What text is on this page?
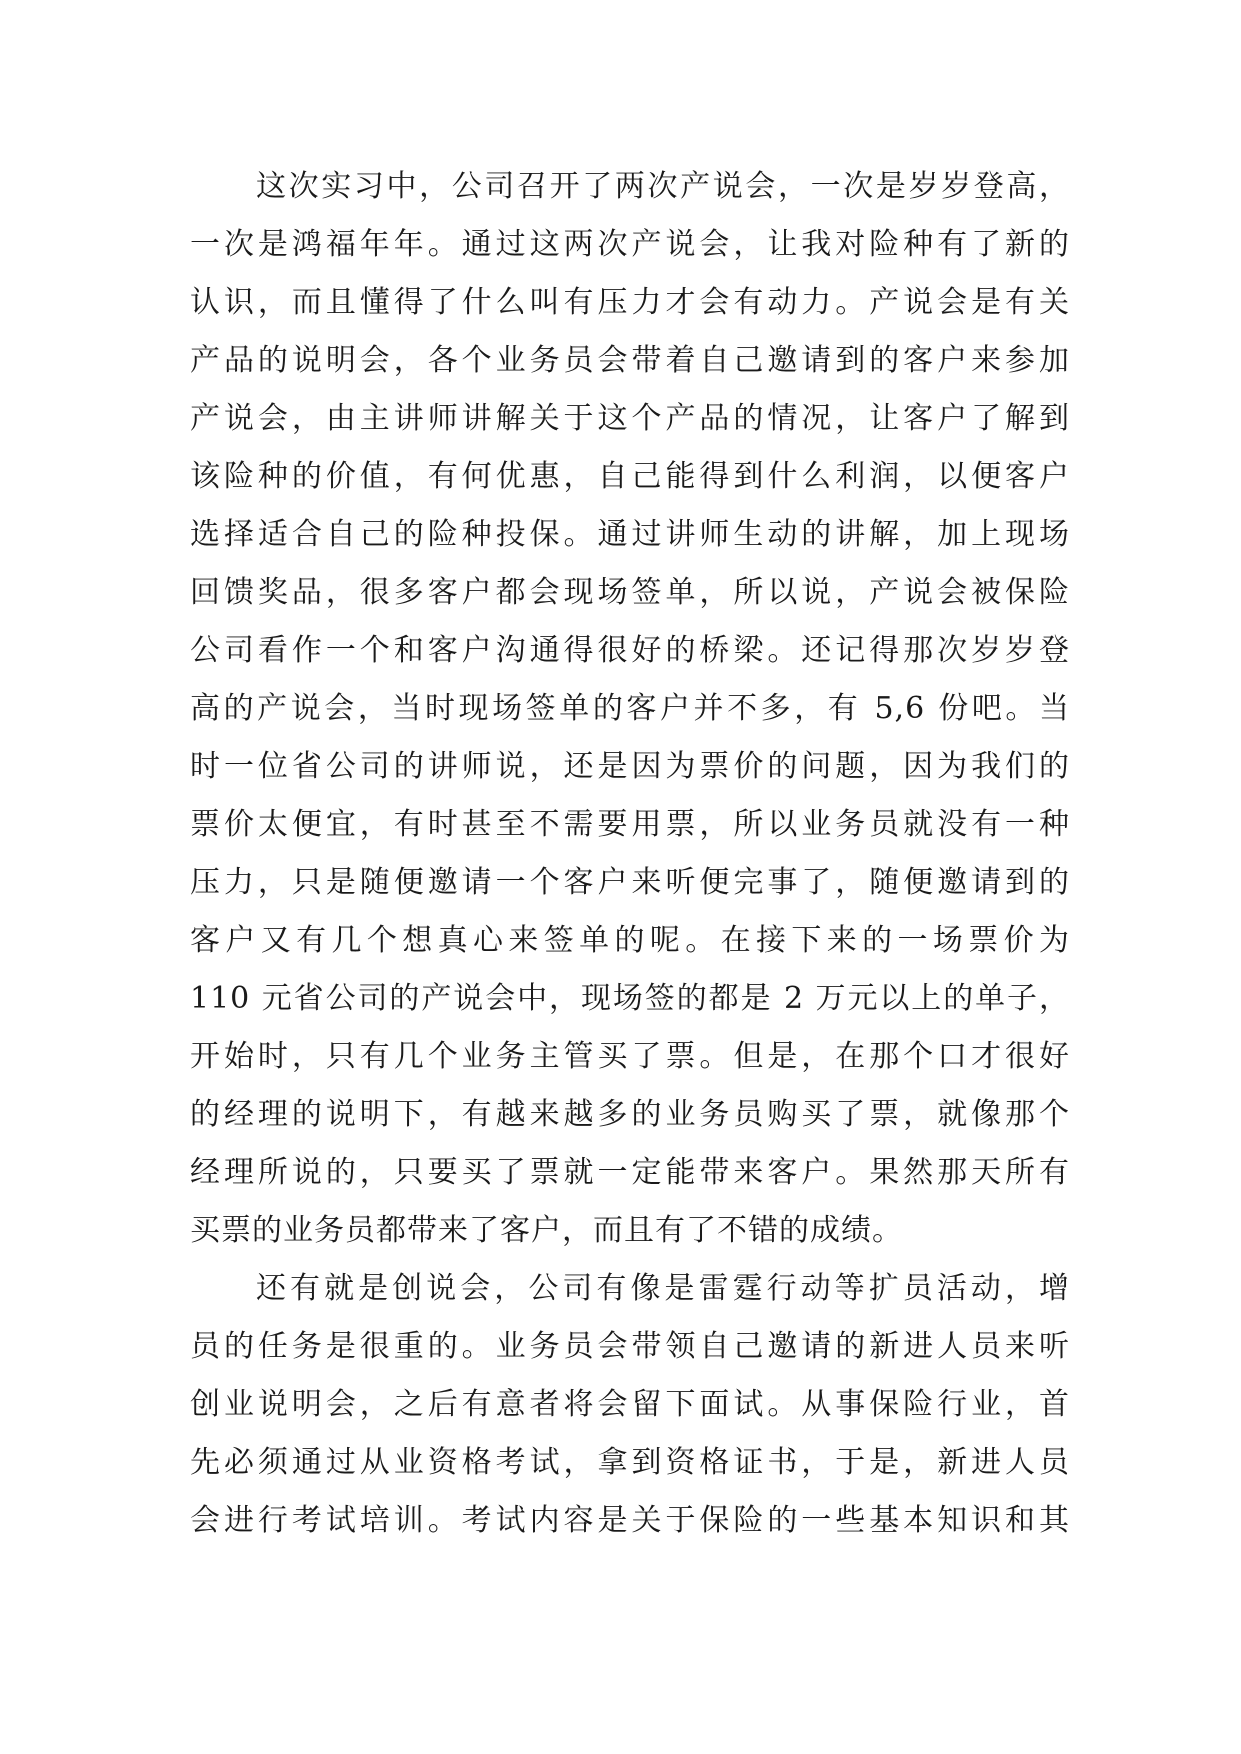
这次实习中，公司召开了两次产说会，一次是岁岁登高，
一次是鸿福年年。通过这两次产说会，让我对险种有了新的
认识，而且懂得了什么叫有压力才会有动力。产说会是有关
产品的说明会，各个业务员会带着自己邀请到的客户来参加
产说会，由主讲师讲解关于这个产品的情况，让客户了解到
该险种的价值，有何优惠，自己能得到什么利润，以便客户
选择适合自己的险种投保。通过讲师生动的讲解，加上现场
回馈奖品，很多客户都会现场签单，所以说，产说会被保险
公司看作一个和客户沟通得很好的桥梁。还记得那次岁岁登
高的产说会，当时现场签单的客户并不多，有 5,6 份吧。当
时一位省公司的讲师说，还是因为票价的问题，因为我们的
票价太便宜，有时甚至不需要用票，所以业务员就没有一种
压力，只是随便邀请一个客户来听便完事了，随便邀请到的
客户又有几个想真心来签单的呢。在接下来的一场票价为
110 元省公司的产说会中，现场签的都是 2 万元以上的单子，
开始时，只有几个业务主管买了票。但是，在那个口才很好
的经理的说明下，有越来越多的业务员购买了票，就像那个
经理所说的，只要买了票就一定能带来客户。果然那天所有
买票的业务员都带来了客户，而且有了不错的成绩。
还有就是创说会，公司有像是雷霆行动等扩员活动，增
员的任务是很重的。业务员会带领自己邀请的新进人员来听
创业说明会，之后有意者将会留下面试。从事保险行业，首
先必须通过从业资格考试，拿到资格证书，于是，新进人员
会进行考试培训。考试内容是关于保险的一些基本知识和其
